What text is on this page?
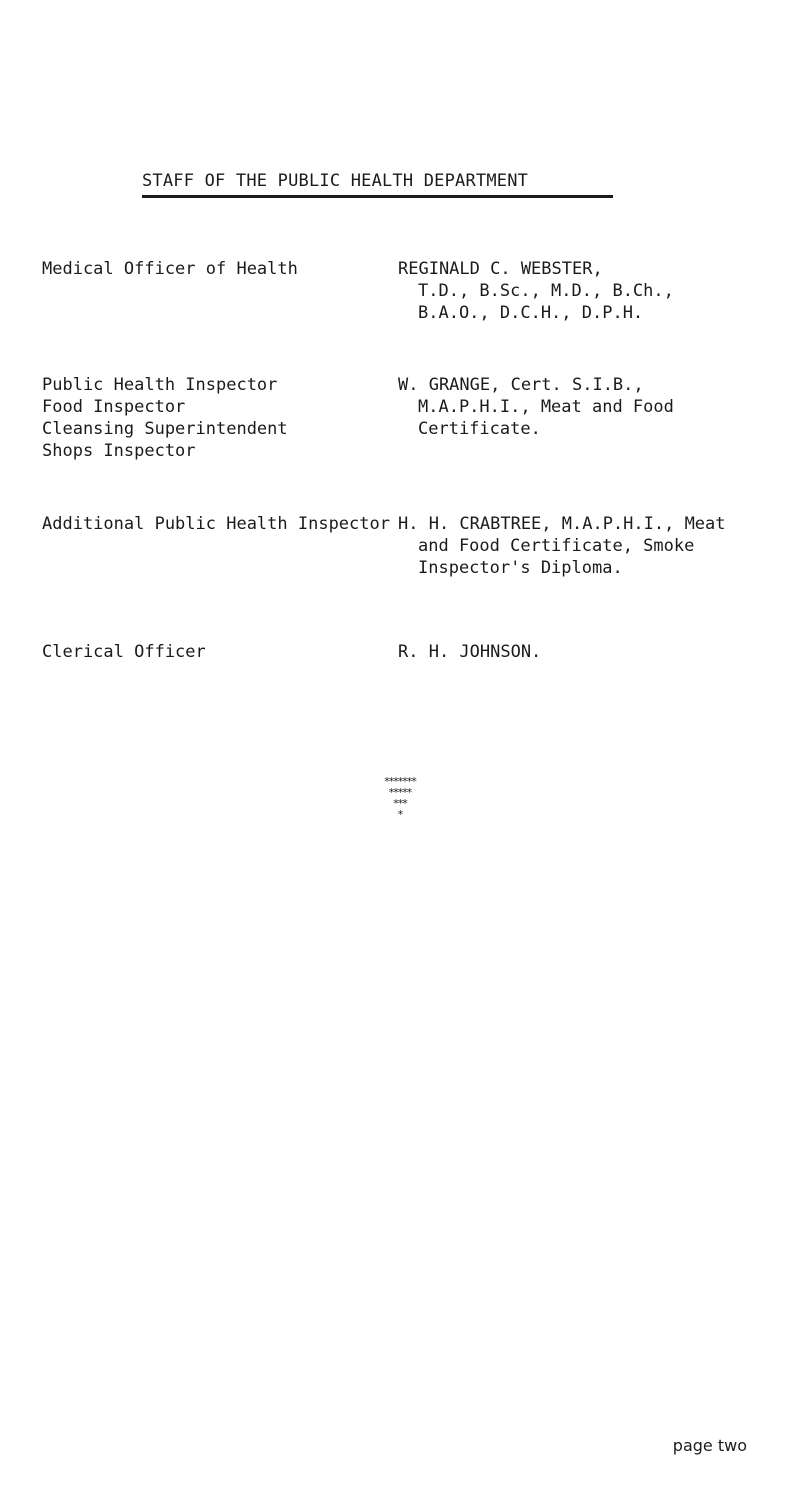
STAFF OF THE PUBLIC HEALTH DEPARTMENT
Medical Officer of Health	REGINALD C. WEBSTER,
T.D., B.Sc., M.D., B.Ch.,
B.A.O., D.C.H., D.P.H.
Public Health Inspector
Food Inspector
Cleansing Superintendent
Shops Inspector
W. GRANGE, Cert. S.I.B.,
M.A.P.H.I., Meat and Food
Certificate.
Additional Public Health Inspector H. H. CRABTREE, M.A.P.H.I., Meat
and Food Certificate, Smoke
Inspector's Diploma.
Clerical Officer	R. H. JOHNSON.
*******
*****
***
*
page two
